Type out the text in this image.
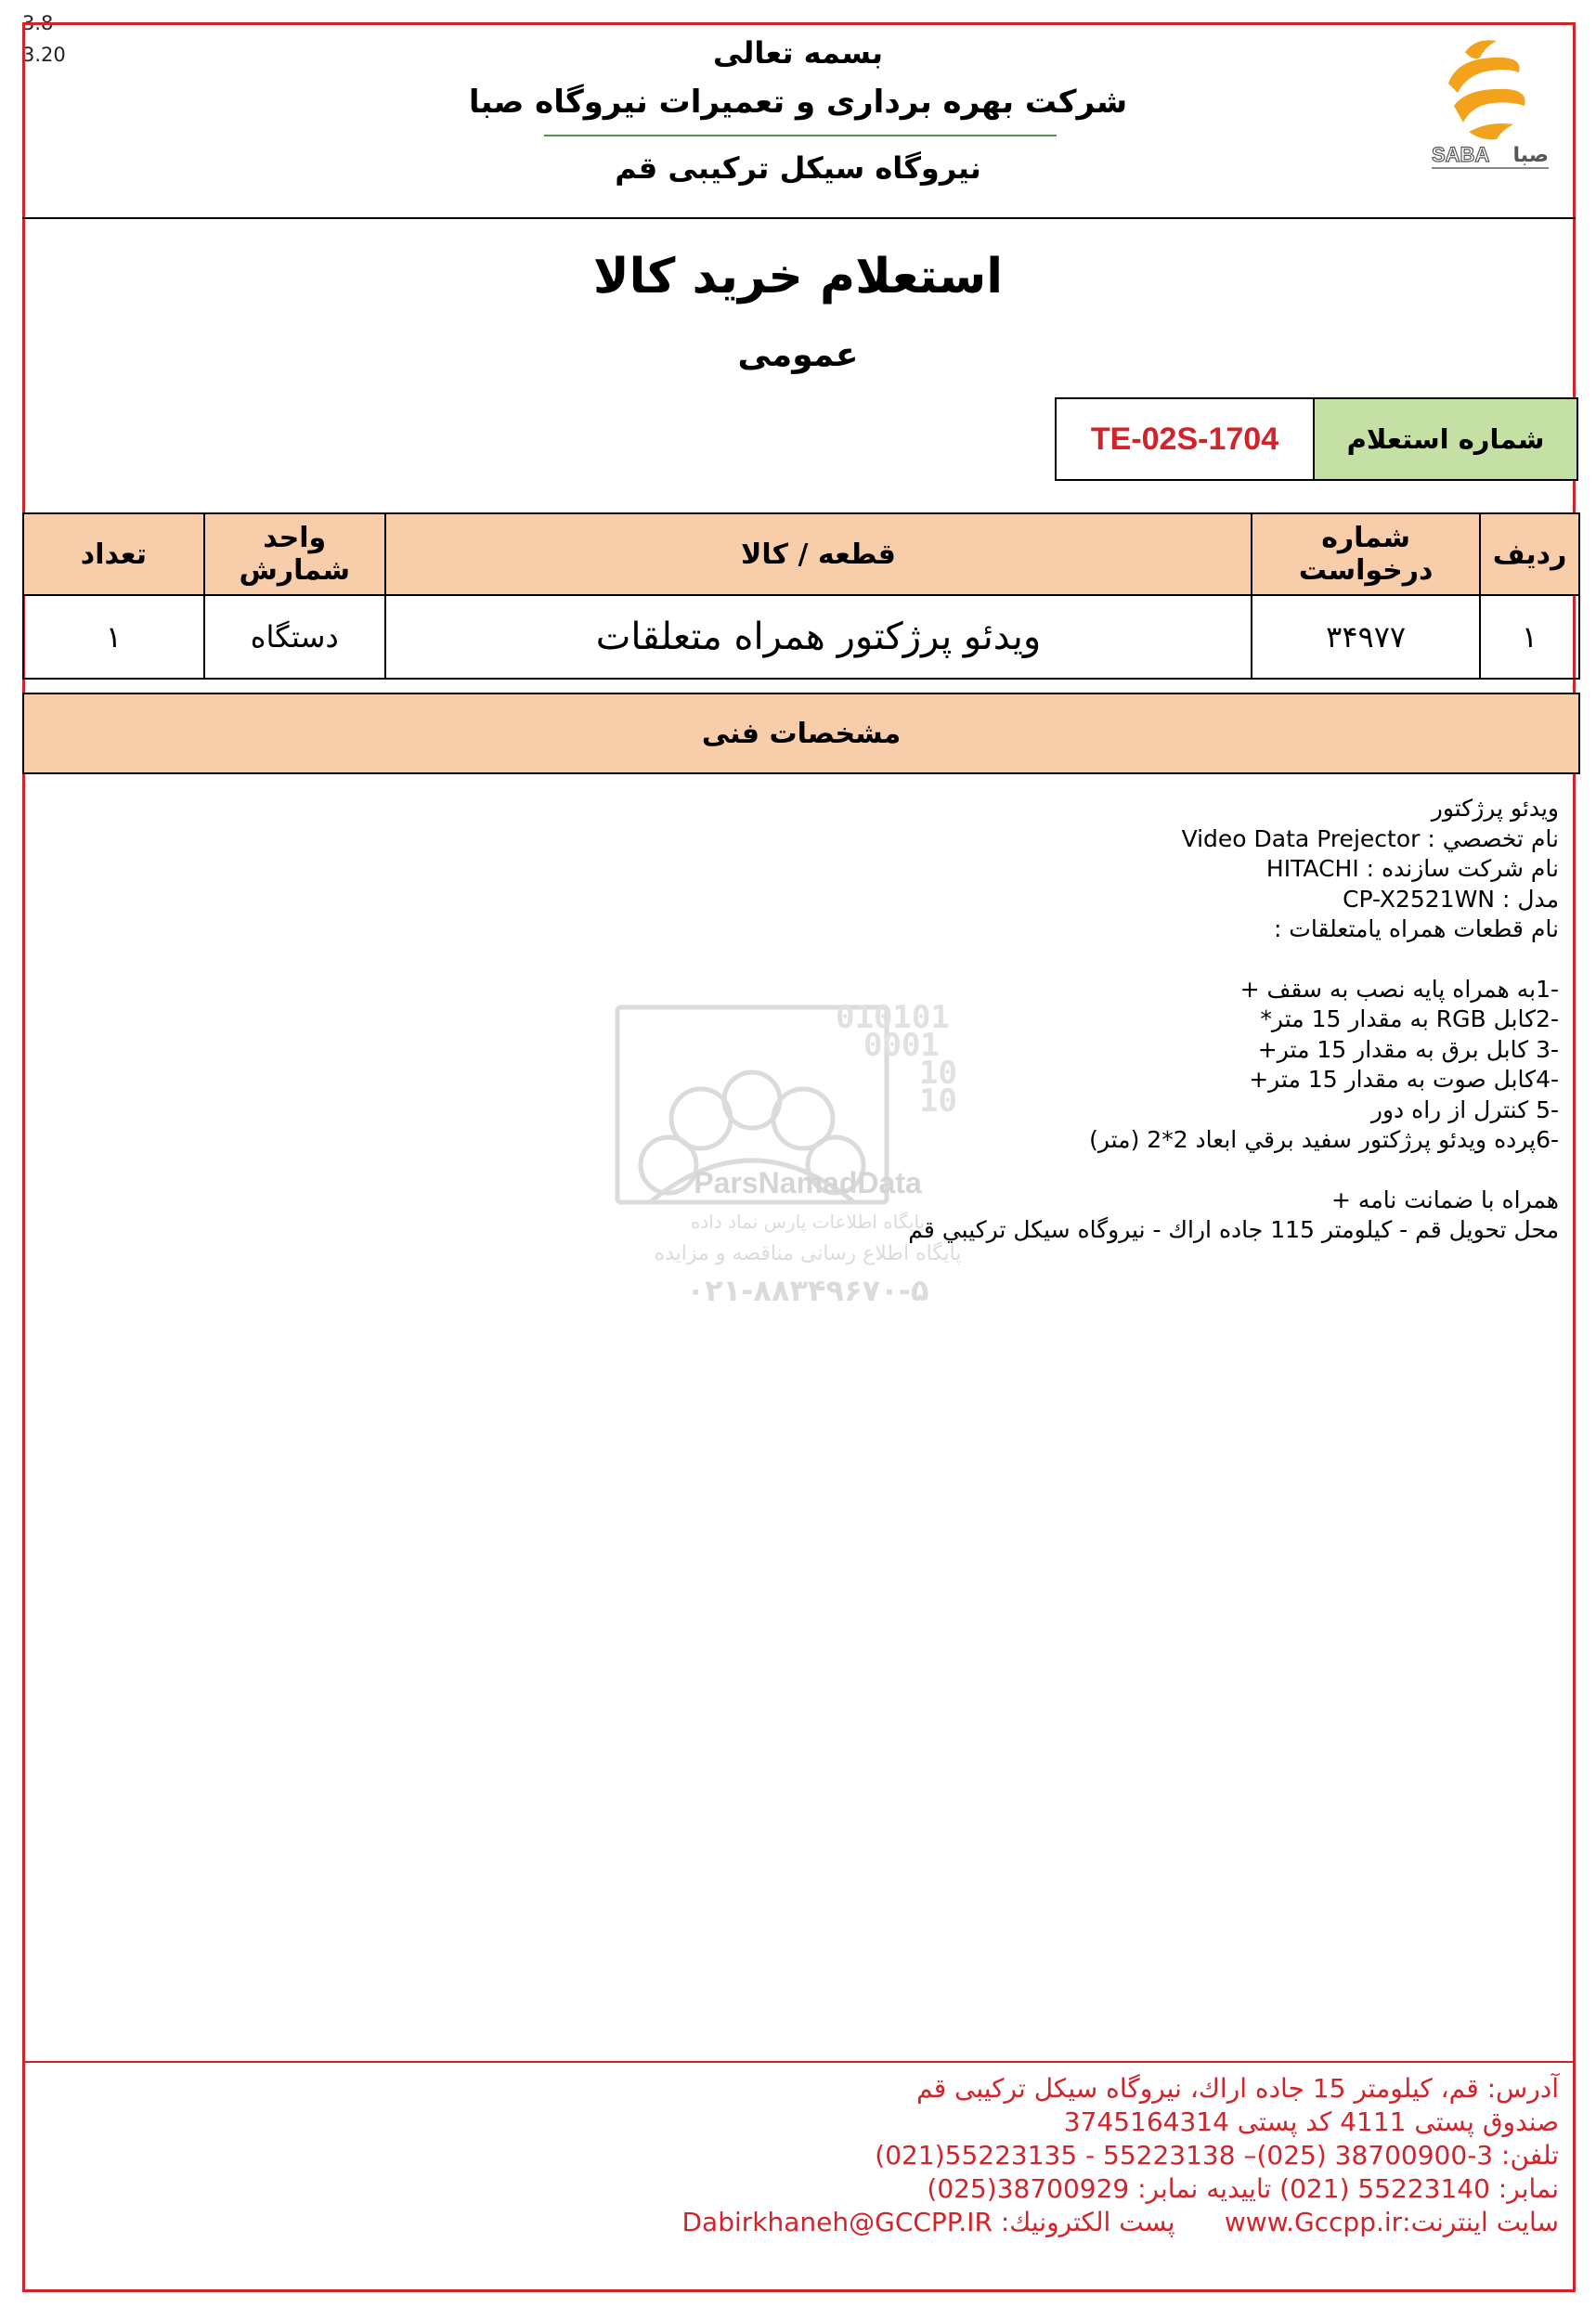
3.8
3.20	بسمه تعالی
شرکت بهره برداری و تعمیرات نیروگاه صبا
نیروگاه سیکل ترکیبی قم	SABA صبا
استعلام خرید کالا
عمومی
شماره استعلام
TE-02S-1704
ردیف	شماره درخواست	قطعه / کالا	واحد شمارش	تعداد
۱	۳۴۹۷۷	ویدئو پرژکتور همراه متعلقات	دستگاه	۱
مشخصات فنی
010101
0001
10
10
ParsNamadData
پایگاه اطلاعات پارس نماد داده
پایگاه اطلاع رسانی مناقصه و مزایده
۰۲۱-۸۸۳۴۹۶۷۰-۵
ویدئو پرژکتور
نام تخصصي : Video Data Prejector
نام شرکت سازنده : HITACHI
مدل : CP-X2521WN
نام قطعات همراه یامتعلقات :
-1به همراه پایه نصب به سقف +
-2کابل RGB به مقدار 15 متر*
-3 کابل برق به مقدار 15 متر+
-4کابل صوت به مقدار 15 متر+
-5 کنترل از راه دور
-6پرده ویدئو پرژکتور سفید برقي ابعاد 2*2 (متر)
همراه با ضمانت نامه +
محل تحویل قم - کیلومتر 115 جاده اراك - نیروگاه سیکل ترکیبي قم
آدرس: قم، کیلومتر 15 جاده اراك، نیروگاه سیکل ترکیبی قم
صندوق پستی 4111 کد پستی 3745164314
تلفن: 3-38700900 (025)– 55223138 - 55223135(021)
نمابر: 55223140 (021) تاییدیه نمابر: 38700929(025)
سایت اینترنت:www.Gccpp.ir      پست الکترونیك: Dabirkhaneh@GCCPP.IR
